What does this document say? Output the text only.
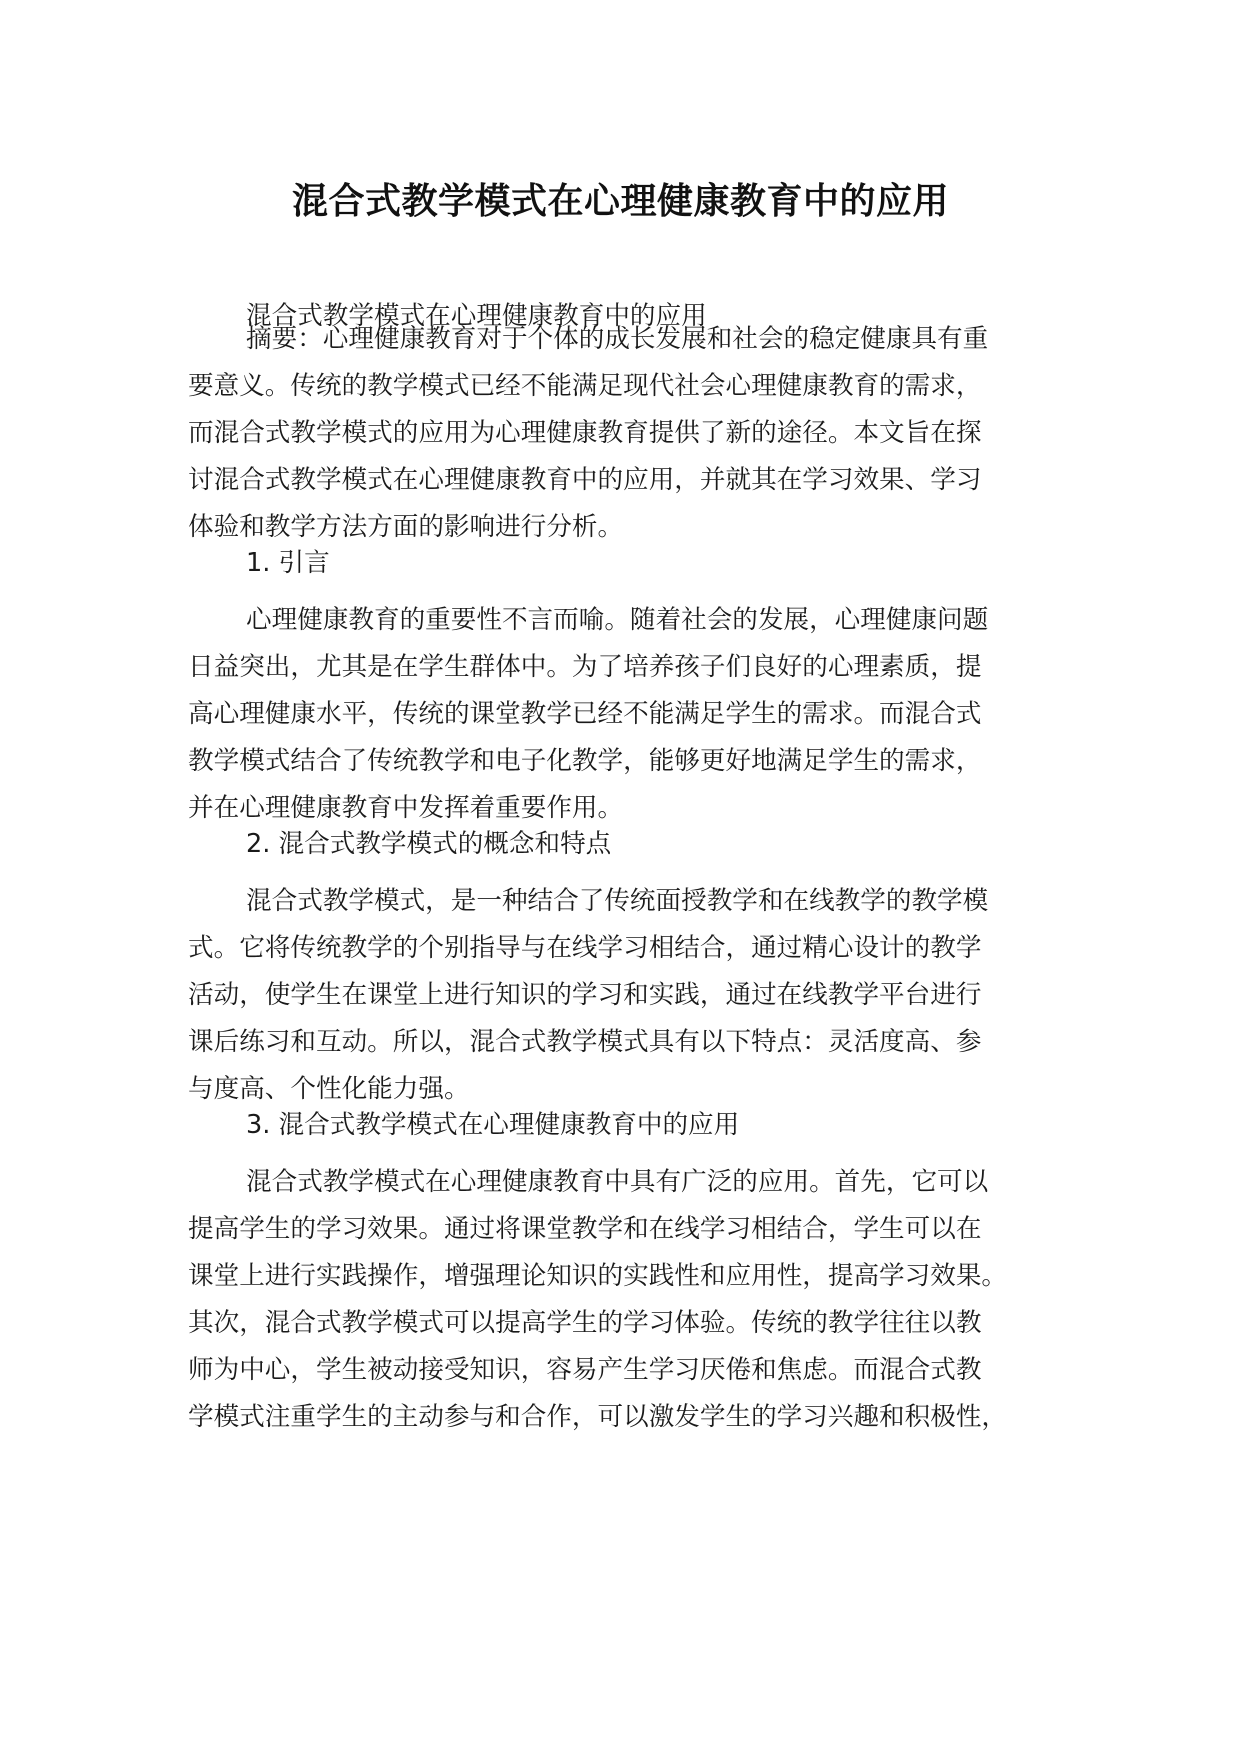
混合式教学模式在心理健康教育中的应用
混合式教学模式在心理健康教育中的应用
摘要：心理健康教育对于个体的成长发展和社会的稳定健康具有重
要意义。传统的教学模式已经不能满足现代社会心理健康教育的需求，
而混合式教学模式的应用为心理健康教育提供了新的途径。本文旨在探
讨混合式教学模式在心理健康教育中的应用，并就其在学习效果、学习
体验和教学方法方面的影响进行分析。
1. 引言
心理健康教育的重要性不言而喻。随着社会的发展，心理健康问题
日益突出，尤其是在学生群体中。为了培养孩子们良好的心理素质，提
高心理健康水平，传统的课堂教学已经不能满足学生的需求。而混合式
教学模式结合了传统教学和电子化教学，能够更好地满足学生的需求，
并在心理健康教育中发挥着重要作用。
2. 混合式教学模式的概念和特点
混合式教学模式，是一种结合了传统面授教学和在线教学的教学模
式。它将传统教学的个别指导与在线学习相结合，通过精心设计的教学
活动，使学生在课堂上进行知识的学习和实践，通过在线教学平台进行
课后练习和互动。所以，混合式教学模式具有以下特点：灵活度高、参
与度高、个性化能力强。
3. 混合式教学模式在心理健康教育中的应用
混合式教学模式在心理健康教育中具有广泛的应用。首先，它可以
提高学生的学习效果。通过将课堂教学和在线学习相结合，学生可以在
课堂上进行实践操作，增强理论知识的实践性和应用性，提高学习效果。
其次，混合式教学模式可以提高学生的学习体验。传统的教学往往以教
师为中心，学生被动接受知识，容易产生学习厌倦和焦虑。而混合式教
学模式注重学生的主动参与和合作，可以激发学生的学习兴趣和积极性，
